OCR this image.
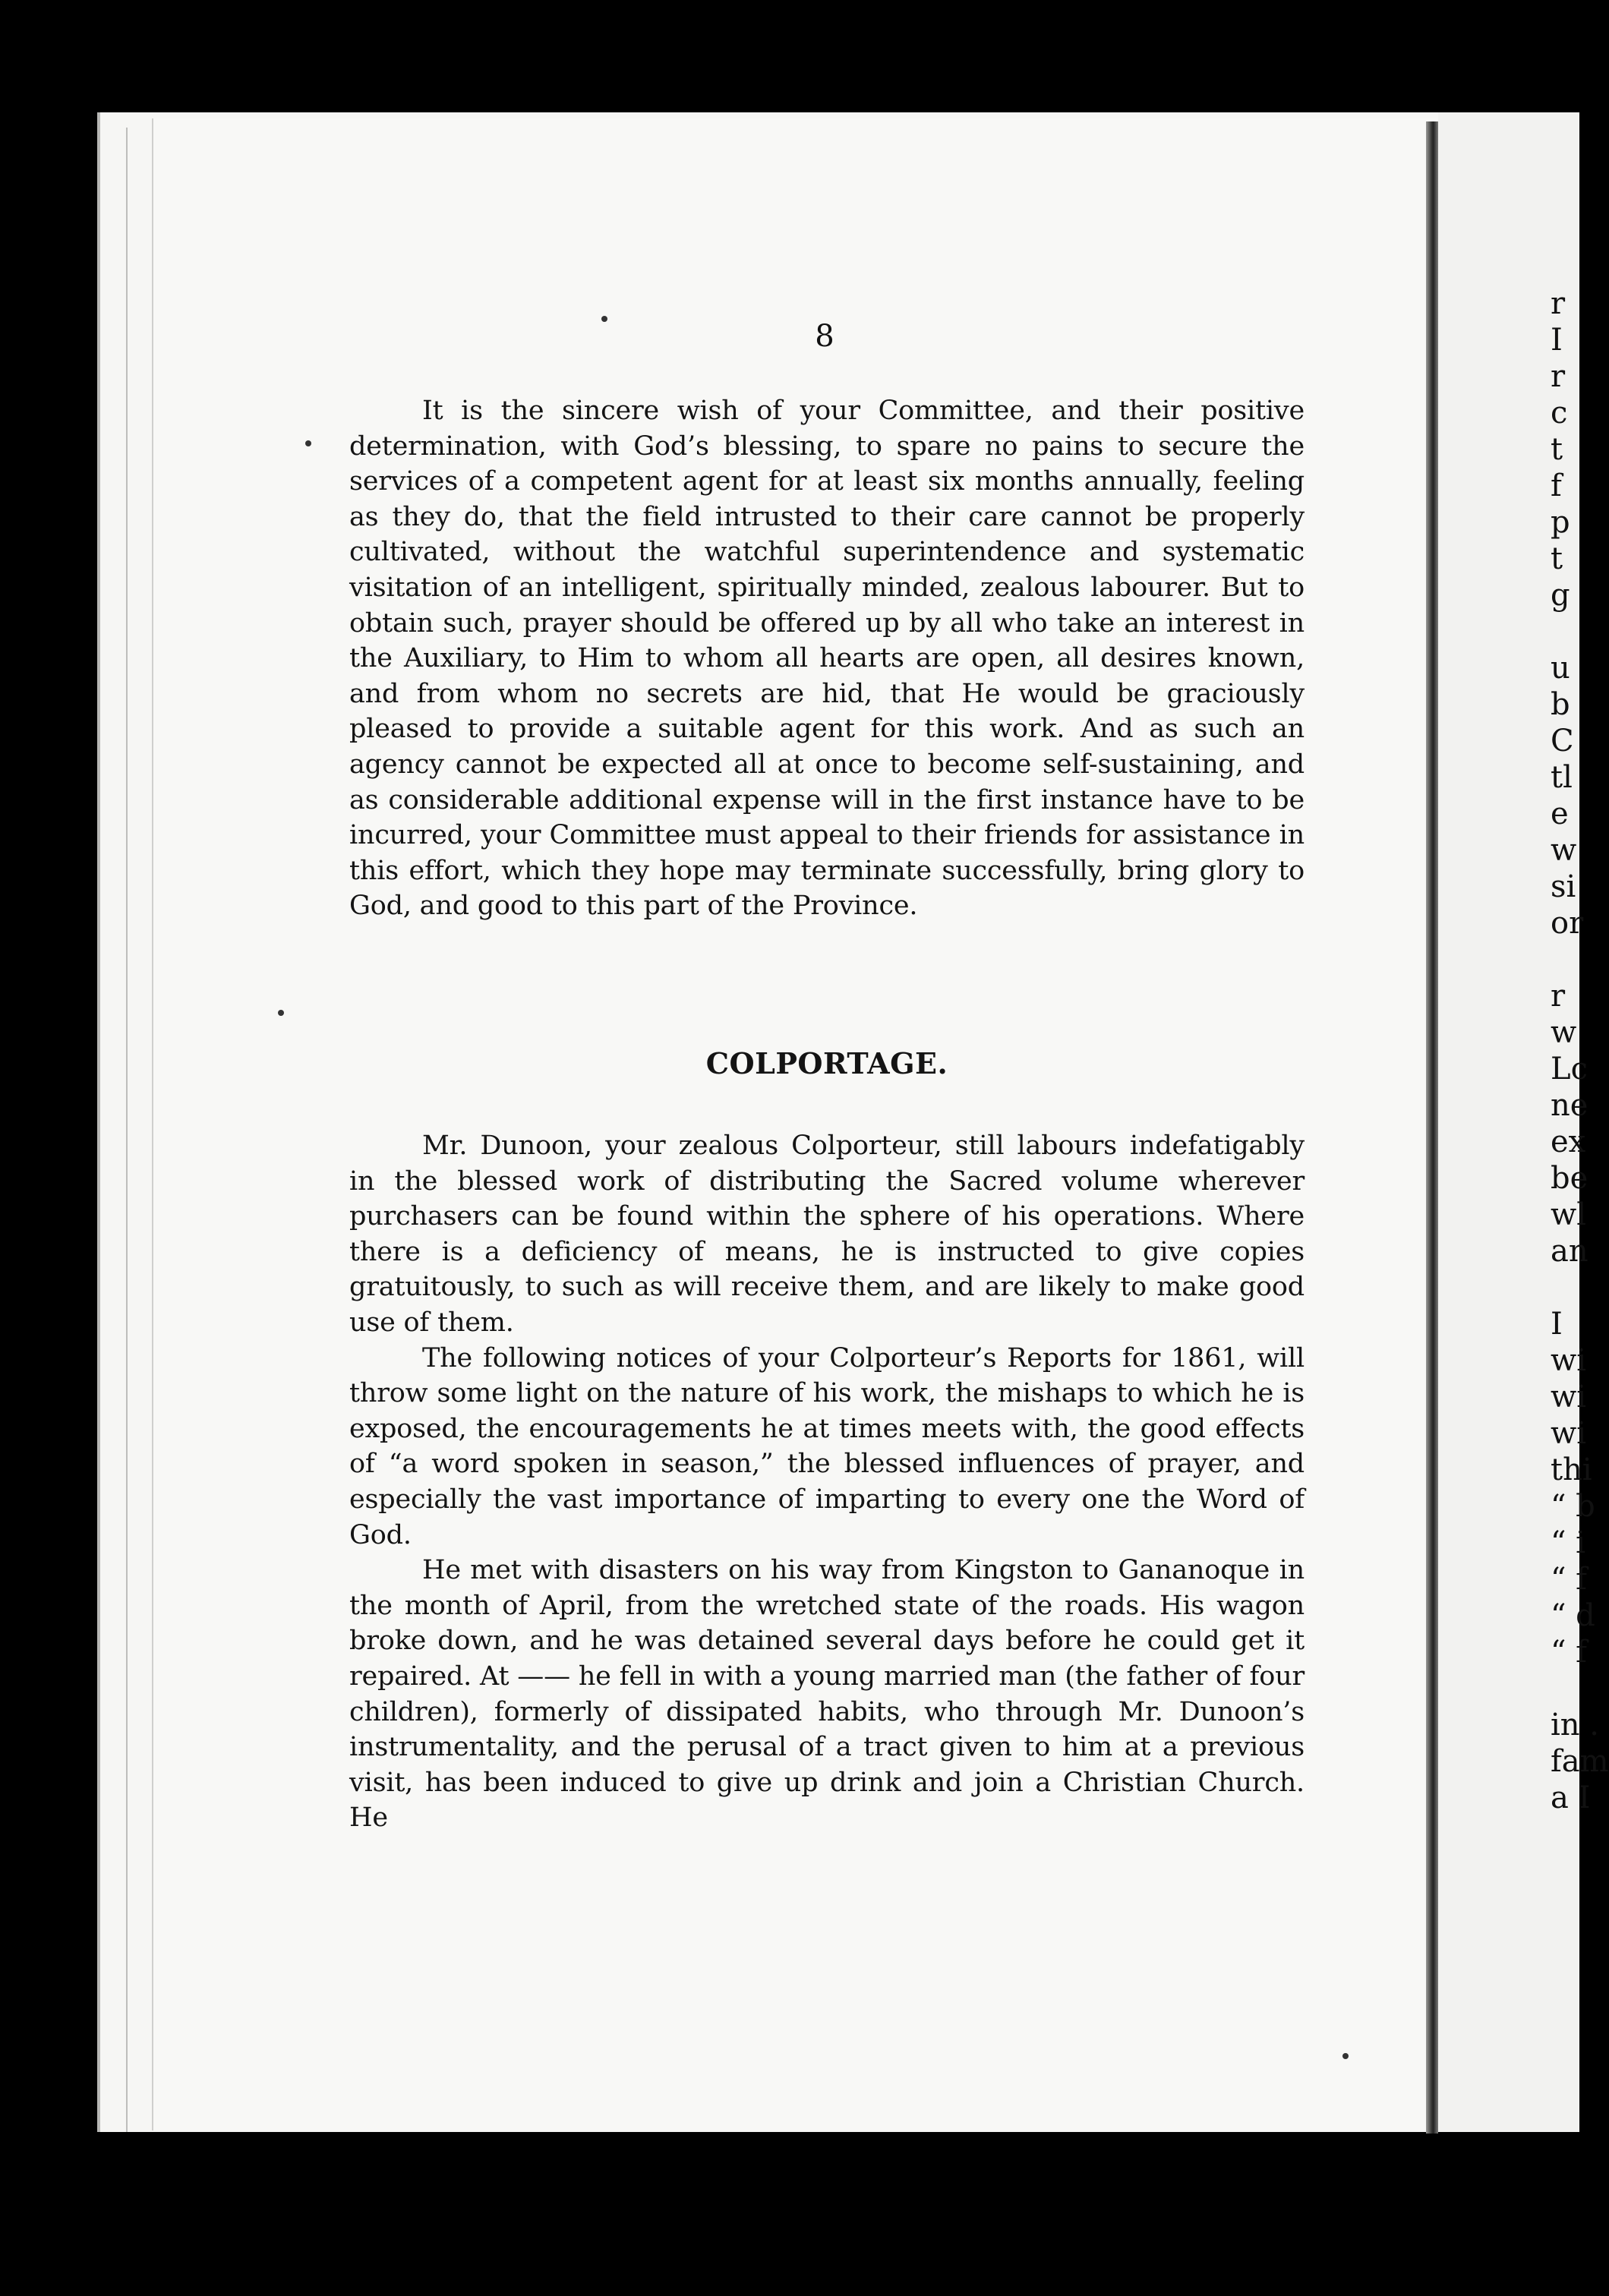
r
I
r
c
t
f
p
t
g
u
b
C
tl
e
w
si
or
r
w
Lc
ne
ex
be
wl
an
I
wi
wi
wi
thi
“ b
“ i
“ f
“ d
“ f
in .
fam
a I
8

It is the sincere wish of your Committee, and their positive determination, with God’s blessing, to spare no pains to secure the services of a competent agent for at least six months annually, feeling as they do, that the field intrusted to their care cannot be properly cultivated, without the watchful superintendence and systematic visitation of an intelligent, spiritually minded, zealous labourer. But to obtain such, prayer should be offered up by all who take an interest in the Auxiliary, to Him to whom all hearts are open, all desires known, and from whom no secrets are hid, that He would be graciously pleased to provide a suitable agent for this work. And as such an agency cannot be expected all at once to become self-sustaining, and as considerable additional expense will in the first instance have to be incurred, your Committee must appeal to their friends for assistance in this effort, which they hope may terminate successfully, bring glory to God, and good to this part of the Province.

COLPORTAGE.

Mr. Dunoon, your zealous Colporteur, still labours indefatigably in the blessed work of distributing the Sacred volume wherever purchasers can be found within the sphere of his operations. Where there is a deficiency of means, he is instructed to give copies gratuitously, to such as will receive them, and are likely to make good use of them.

The following notices of your Colporteur’s Reports for 1861, will throw some light on the nature of his work, the mishaps to which he is exposed, the encouragements he at times meets with, the good effects of “a word spoken in season,” the blessed influences of prayer, and especially the vast importance of imparting to every one the Word of God.

He met with disasters on his way from Kingston to Gananoque in the month of April, from the wretched state of the roads. His wagon broke down, and he was detained several days before he could get it repaired. At —— he fell in with a young married man (the father of four children), formerly of dissipated habits, who through Mr. Dunoon’s instrumentality, and the perusal of a tract given to him at a previous visit, has been induced to give up drink and join a Christian Church. He
